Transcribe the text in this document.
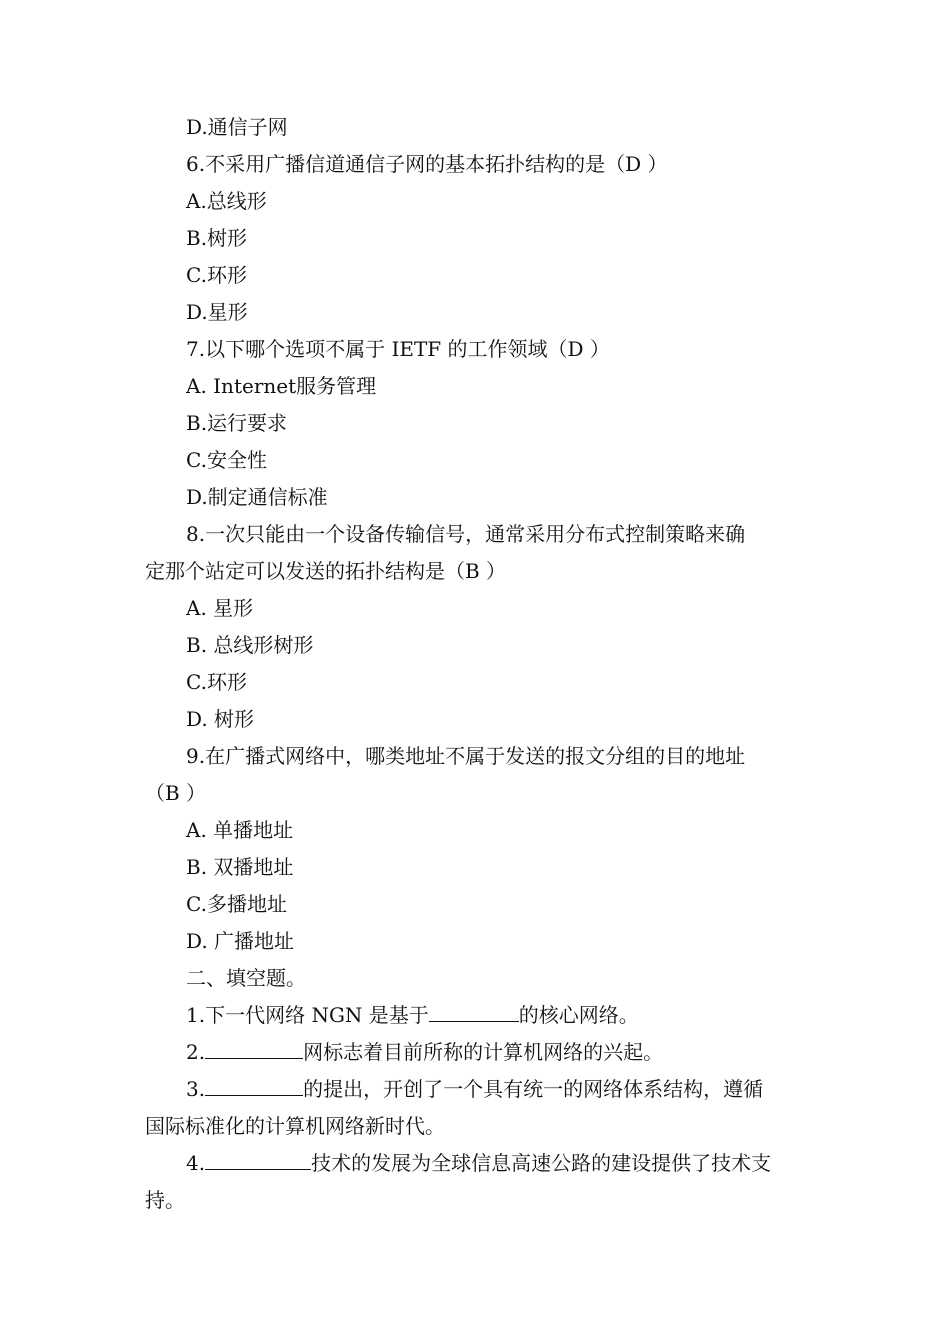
D.通信子网
6.不采用广播信道通信子网的基本拓扑结构的是（D ）
A.总线形
B.树形
C.环形
D.星形
7.以下哪个选项不属于 IETF 的工作领域（D ）
A. Internet服务管理
B.运行要求
C.安全性
D.制定通信标准
8.一次只能由一个设备传输信号，通常采用分布式控制策略来确
定那个站定可以发送的拓扑结构是（B ）
A. 星形
B. 总线形树形
C.环形
D. 树形
9.在广播式网络中，哪类地址不属于发送的报文分组的目的地址
（B ）
A. 单播地址
B. 双播地址
C.多播地址
D. 广播地址
二、填空题。
1.下一代网络 NGN 是基于	的核心网络。
2.	网标志着目前所称的计算机网络的兴起。
3.	的提出，开创了一个具有统一的网络体系结构，遵循
国际标准化的计算机网络新时代。
4.	技术的发展为全球信息高速公路的建设提供了技术支
持。
